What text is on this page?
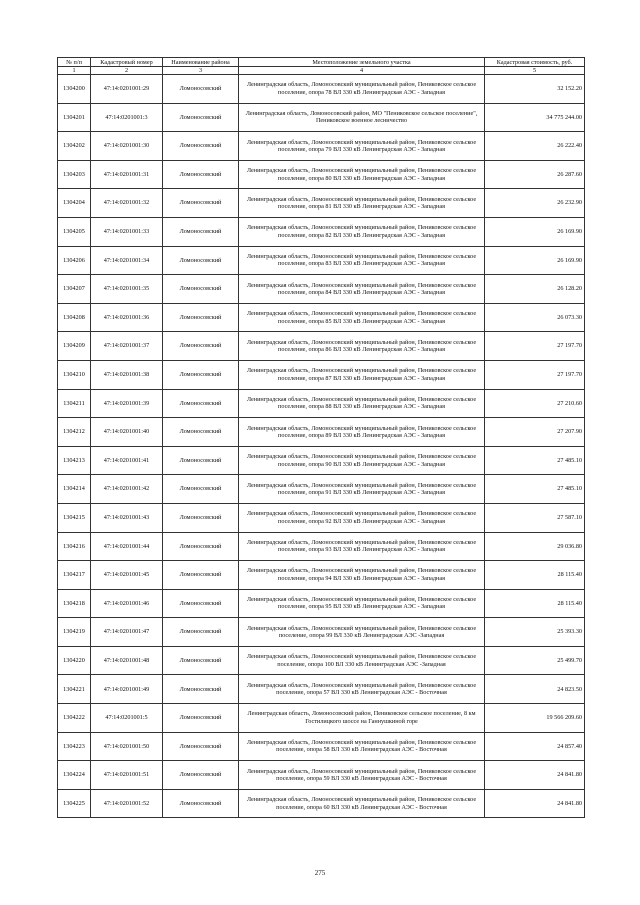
№ п/п	Кадастровый номер	Наименование района	Местоположение земельного участка	Кадастровая стоимость, руб.
1	2	3	4	5
1304200	47:14:0201001:29	Ломоносовский	Ленинградская область, Ломоносовский муниципальный район, Пениковское сельское поселение, опора 78 ВЛ 330 кВ Ленинградская АЭС - Западная	32 152.20
1304201	47:14:0201001:3	Ломоносовский	Ленинградская область, Ломоносовский район, МО "Пениковское сельское поселение", Пениковское военное лесничество	34 775 244.00
1304202	47:14:0201001:30	Ломоносовский	Ленинградская область, Ломоносовский муниципальный район, Пениковское сельское поселение, опора 79 ВЛ 330 кВ Ленинградская АЭС - Западная	26 222.40
1304203	47:14:0201001:31	Ломоносовский	Ленинградская область, Ломоносовский муниципальный район, Пениковское сельское поселение, опора 80 ВЛ 330 кВ Ленинградская АЭС - Западная	26 287.60
1304204	47:14:0201001:32	Ломоносовский	Ленинградская область, Ломоносовский муниципальный район, Пениковское сельское поселение, опора 81 ВЛ 330 кВ Ленинградская АЭС - Западная	26 232.90
1304205	47:14:0201001:33	Ломоносовский	Ленинградская область, Ломоносовский муниципальный район, Пениковское сельское поселение, опора 82 ВЛ 330 кВ Ленинградская АЭС - Западная	26 169.90
1304206	47:14:0201001:34	Ломоносовский	Ленинградская область, Ломоносовский муниципальный район, Пениковское сельское поселение, опора 83 ВЛ 330 кВ Ленинградская АЭС - Западная	26 169.90
1304207	47:14:0201001:35	Ломоносовский	Ленинградская область, Ломоносовский муниципальный район, Пениковское сельское поселение, опора 84 ВЛ 330 кВ Ленинградская АЭС - Западная	26 128.20
1304208	47:14:0201001:36	Ломоносовский	Ленинградская область, Ломоносовский муниципальный район, Пениковское сельское поселение, опора 85 ВЛ 330 кВ Ленинградская АЭС - Западная	26 073.30
1304209	47:14:0201001:37	Ломоносовский	Ленинградская область, Ломоносовский муниципальный район, Пениковское сельское поселение, опора 86 ВЛ 330 кВ Ленинградская АЭС - Западная	27 197.70
1304210	47:14:0201001:38	Ломоносовский	Ленинградская область, Ломоносовский муниципальный район, Пениковское сельское поселение, опора 87 ВЛ 330 кВ Ленинградская АЭС - Западная	27 197.70
1304211	47:14:0201001:39	Ломоносовский	Ленинградская область, Ломоносовский муниципальный район, Пениковское сельское поселение, опора 88 ВЛ 330 кВ Ленинградская АЭС - Западная	27 210.60
1304212	47:14:0201001:40	Ломоносовский	Ленинградская область, Ломоносовский муниципальный район, Пениковское сельское поселение, опора 89 ВЛ 330 кВ Ленинградская АЭС - Западная	27 207.90
1304213	47:14:0201001:41	Ломоносовский	Ленинградская область, Ломоносовский муниципальный район, Пениковское сельское поселение, опора 90 ВЛ 330 кВ Ленинградская АЭС - Западная	27 485.10
1304214	47:14:0201001:42	Ломоносовский	Ленинградская область, Ломоносовский муниципальный район, Пениковское сельское поселение, опора 91 ВЛ 330 кВ Ленинградская АЭС - Западная	27 485.10
1304215	47:14:0201001:43	Ломоносовский	Ленинградская область, Ломоносовский муниципальный район, Пениковское сельское поселение, опора 92 ВЛ 330 кВ Ленинградская АЭС - Западная	27 587.10
1304216	47:14:0201001:44	Ломоносовский	Ленинградская область, Ломоносовский муниципальный район, Пениковское сельское поселение, опора 93 ВЛ 330 кВ Ленинградская АЭС - Западная	29 036.80
1304217	47:14:0201001:45	Ломоносовский	Ленинградская область, Ломоносовский муниципальный район, Пениковское сельское поселение, опора 94 ВЛ 330 кВ Ленинградская АЭС - Западная	28 115.40
1304218	47:14:0201001:46	Ломоносовский	Ленинградская область, Ломоносовский муниципальный район, Пениковское сельское поселение, опора 95 ВЛ 330 кВ Ленинградская АЭС - Западная	28 115.40
1304219	47:14:0201001:47	Ломоносовский	Ленинградская область, Ломоносовский муниципальный район, Пениковское сельское поселение, опора 99 ВЛ 330 кВ Ленинградская АЭС -Западная	25 393.30
1304220	47:14:0201001:48	Ломоносовский	Ленинградская область, Ломоносовский муниципальный район, Пениковское сельское поселение, опора 100 ВЛ 330 кВ Ленинградская АЭС -Западная	25 499.70
1304221	47:14:0201001:49	Ломоносовский	Ленинградская область, Ломоносовский муниципальный район, Пениковское сельское поселение, опора 57 ВЛ 330 кВ Ленинградская АЭС - Восточная	24 823.50
1304222	47:14:0201001:5	Ломоносовский	Ленинградская область, Ломоносовский район, Пениковское сельское поселение, 8 км Гостилицкого шоссе на Ганнушкиной горе	19 566 209.60
1304223	47:14:0201001:50	Ломоносовский	Ленинградская область, Ломоносовский муниципальный район, Пениковское сельское поселение, опора 58 ВЛ 330 кВ Ленинградская АЭС - Восточная	24 857.40
1304224	47:14:0201001:51	Ломоносовский	Ленинградская область, Ломоносовский муниципальный район, Пениковское сельское поселение, опора 59 ВЛ 330 кВ Ленинградская АЭС - Восточная	24 841.80
1304225	47:14:0201001:52	Ломоносовский	Ленинградская область, Ломоносовский муниципальный район, Пениковское сельское поселение, опора 60 ВЛ 330 кВ Ленинградская АЭС - Восточная	24 841.80
275
